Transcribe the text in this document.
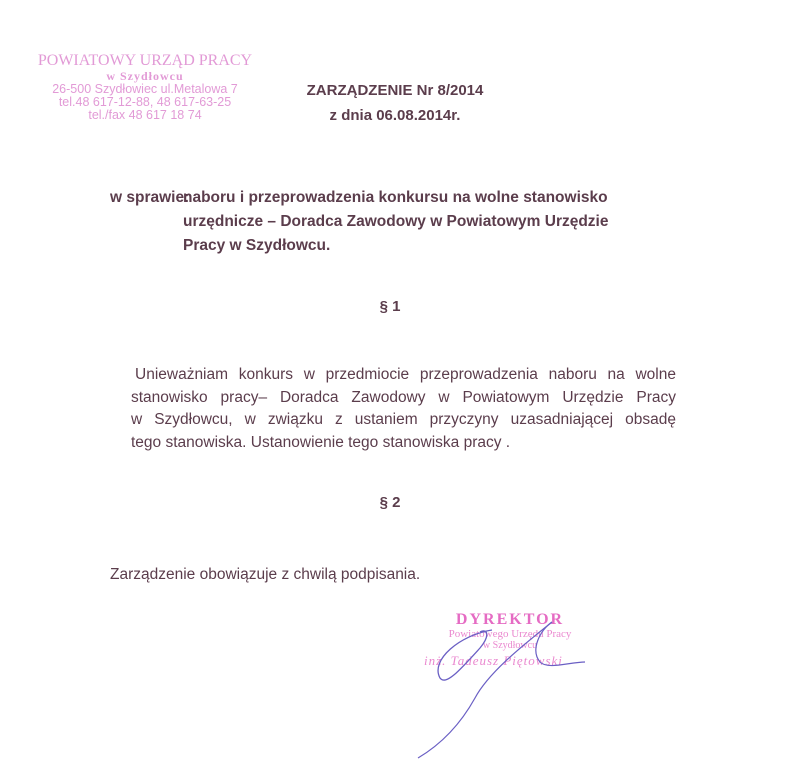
POWIATOWY URZĄD PRACY
w Szydłowcu
26-500 Szydłowiec ul.Metalowa 7
tel.48 617-12-88, 48 617-63-25
tel./fax 48 617 18 74
ZARZĄDZENIE Nr 8/2014
z dnia 06.08.2014r.
w sprawie:
naboru i przeprowadzenia konkursu na wolne stanowisko
urzędnicze – Doradca Zawodowy w Powiatowym Urzędzie
Pracy w Szydłowcu.
§ 1
Unieważniam konkurs w przedmiocie przeprowadzenia naboru na wolne
stanowisko pracy– Doradca Zawodowy w Powiatowym Urzędzie Pracy
w Szydłowcu, w związku z ustaniem przyczyny uzasadniającej obsadę
tego stanowiska. Ustanowienie tego stanowiska pracy .
§ 2
Zarządzenie obowiązuje z chwilą podpisania.
DYREKTOR
Powiatowego Urzędu Pracy
w Szydłowcu
inż. Tadeusz Piętowski
